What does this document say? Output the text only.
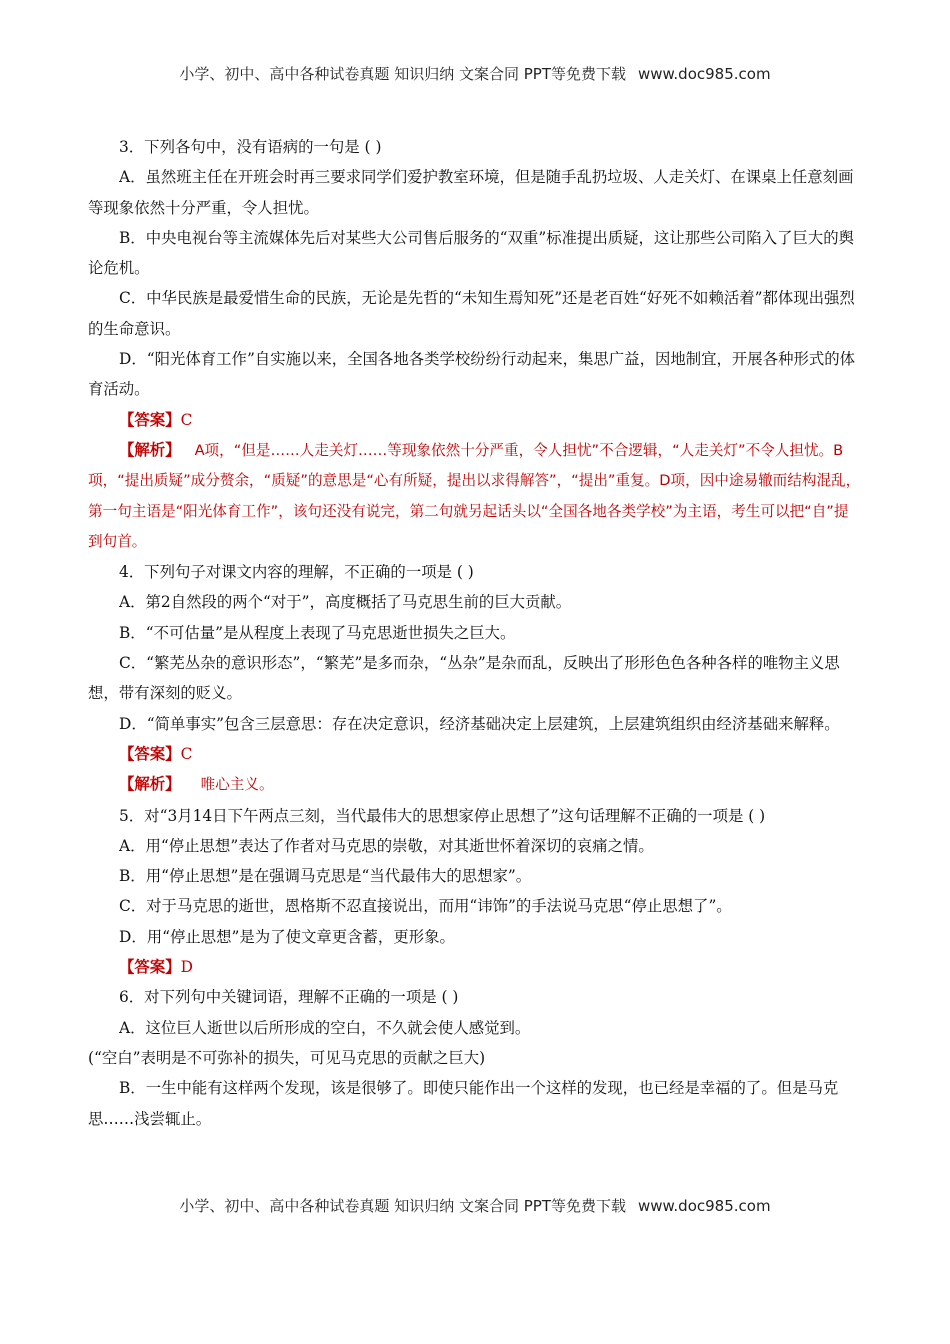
小学、初中、高中各种试卷真题 知识归纳 文案合同 PPT等免费下载 www.doc985.com

3．下列各句中，没有语病的一句是 ( )

A．虽然班主任在开班会时再三要求同学们爱护教室环境，但是随手乱扔垃圾、人走关灯、在课桌上任意刻画等现象依然十分严重，令人担忧。

B．中央电视台等主流媒体先后对某些大公司售后服务的“双重”标准提出质疑，这让那些公司陷入了巨大的舆论危机。

C．中华民族是最爱惜生命的民族，无论是先哲的“未知生焉知死”还是老百姓“好死不如赖活着”都体现出强烈的生命意识。

D．“阳光体育工作”自实施以来，全国各地各类学校纷纷行动起来，集思广益，因地制宜，开展各种形式的体育活动。

【答案】C

【解析】 A项，“但是……人走关灯……等现象依然十分严重，令人担忧”不合逻辑，“人走关灯”不令人担忧。B项，“提出质疑”成分赘余，“质疑”的意思是“心有所疑，提出以求得解答”，“提出”重复。D项，因中途易辙而结构混乱，第一句主语是“阳光体育工作”，该句还没有说完，第二句就另起话头以“全国各地各类学校”为主语，考生可以把“自”提到句首。

4．下列句子对课文内容的理解，不正确的一项是 ( )

A．第2自然段的两个“对于”，高度概括了马克思生前的巨大贡献。

B．“不可估量”是从程度上表现了马克思逝世损失之巨大。

C．“繁芜丛杂的意识形态”，“繁芜”是多而杂，“丛杂”是杂而乱，反映出了形形色色各种各样的唯物主义思想，带有深刻的贬义。

D．“简单事实”包含三层意思：存在决定意识，经济基础决定上层建筑，上层建筑组织由经济基础来解释。

【答案】C

【解析】 唯心主义。

5．对“3月14日下午两点三刻，当代最伟大的思想家停止思想了”这句话理解不正确的一项是 ( )

A．用“停止思想”表达了作者对马克思的崇敬，对其逝世怀着深切的哀痛之情。

B．用“停止思想”是在强调马克思是“当代最伟大的思想家”。

C．对于马克思的逝世，恩格斯不忍直接说出，而用“讳饰”的手法说马克思“停止思想了”。

D．用“停止思想”是为了使文章更含蓄，更形象。

【答案】D

6．对下列句中关键词语，理解不正确的一项是 ( )

A．这位巨人逝世以后所形成的空白，不久就会使人感觉到。

(“空白”表明是不可弥补的损失，可见马克思的贡献之巨大)

B．一生中能有这样两个发现，该是很够了。即使只能作出一个这样的发现，也已经是幸福的了。但是马克思……浅尝辄止。

小学、初中、高中各种试卷真题 知识归纳 文案合同 PPT等免费下载 www.doc985.com
